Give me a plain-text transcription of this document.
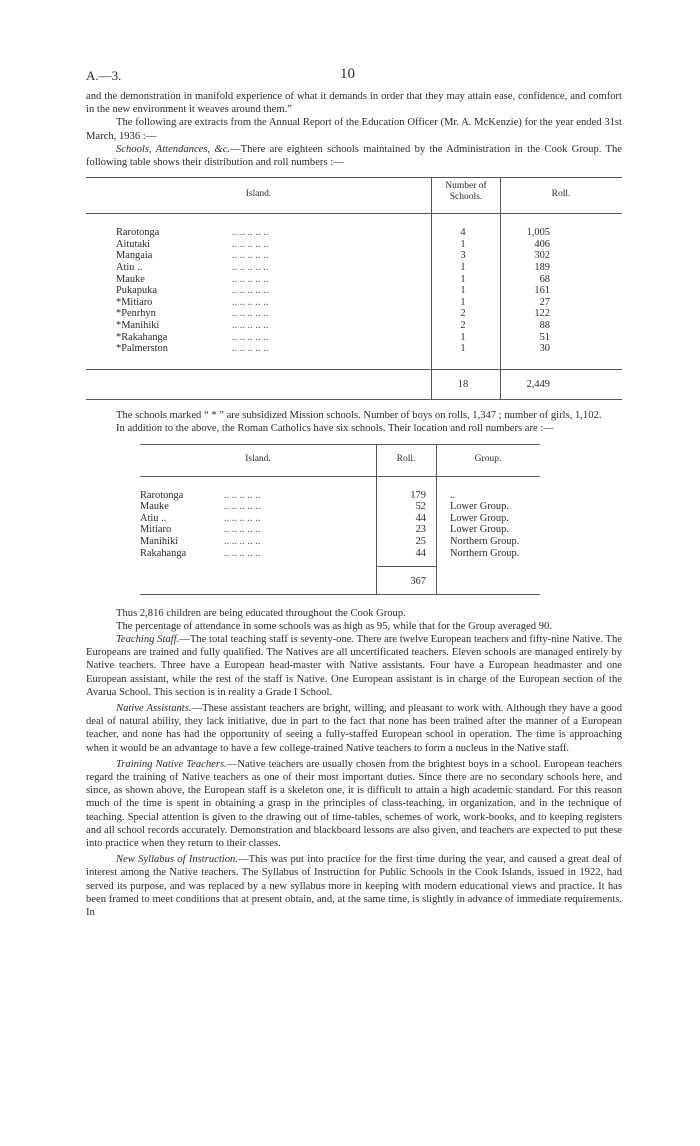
A.—3.	10

and the demonstration in manifold experience of what it demands in order that they may attain ease, confidence, and comfort in the new environment it weaves around them.”

The following are extracts from the Annual Report of the Education Officer (Mr. A. McKenzie) for the year ended 31st March, 1936 :—

Schools, Attendances, &c.—There are eighteen schools maintained by the Administration in the Cook Group. The following table shows their distribution and roll numbers :—

Island.
Number of Schools.	Roll.
Rarotonga	.. .. .. .. ..	4	1,005
Aitutaki	.. .. .. .. ..	1	406
Mangaia	.. .. .. .. ..	3	302
Atiu ..	.. .. .. .. ..	1	189
Mauke	.. .. .. .. ..	1	68
Pukapuka	.. .. .. .. ..	1	161
*Mitiaro	.. .. .. .. ..	1	27
*Penrhyn	.. .. .. .. ..	2	122
*Manihiki	.. .. .. .. ..	2	88
*Rakahanga	.. .. .. .. ..	1	51
*Palmerston	.. .. .. .. ..	1	30
18	2,449

The schools marked “ * ” are subsidized Mission schools. Number of boys on rolls, 1,347 ; number of girls, 1,102.

In addition to the above, the Roman Catholics have six schools. Their location and roll numbers are :—

Island.	Roll.	Group.
Rarotonga	.. .. .. .. ..	179 ..
Mauke	.. .. .. .. ..	52 Lower Group.
Atiu ..	.. .. .. .. ..	44 Lower Group.
Mitiaro	.. .. .. .. ..	23 Lower Group.
Manihiki	.. .. .. .. ..	25 Northern Group.
Rakahanga	.. .. .. .. ..	44 Northern Group.
367

Thus 2,816 children are being educated throughout the Cook Group.

The percentage of attendance in some schools was as high as 95, while that for the Group averaged 90.

Teaching Staff.—The total teaching staff is seventy-one. There are twelve European teachers and fifty-nine Native. The Europeans are trained and fully qualified. The Natives are all uncertificated teachers. Eleven schools are managed entirely by Native teachers. Three have a European head-master with Native assistants. Four have a European headmaster and one European assistant, while the rest of the staff is Native. One European assistant is in charge of the European section of the Avarua School. This section is in reality a Grade I School.

Native Assistants.—These assistant teachers are bright, willing, and pleasant to work with. Although they have a good deal of natural ability, they lack initiative, due in part to the fact that none has been trained after the manner of a European teacher, and none has had the opportunity of seeing a fully-staffed European school in operation. The time is approaching when it would be an advantage to have a few college-trained Native teachers to form a nucleus in the Native staff.

Training Native Teachers.—Native teachers are usually chosen from the brightest boys in a school. European teachers regard the training of Native teachers as one of their most important duties. Since there are no secondary schools here, and since, as shown above, the European staff is a skeleton one, it is difficult to attain a high academic standard. For this reason much of the time is spent in obtaining a grasp in the principles of class-teaching, in organization, and in the technique of teaching. Special attention is given to the drawing out of time-tables, schemes of work, work-books, and to keeping registers and all school records accurately. Demonstration and blackboard lessons are also given, and teachers are expected to put these into practice when they return to their classes.

New Syllabus of Instruction.—This was put into practice for the first time during the year, and caused a great deal of interest among the Native teachers. The Syllabus of Instruction for Public Schools in the Cook Islands, issued in 1922, had served its purpose, and was replaced by a new syllabus more in keeping with modern educational views and practice. It has been framed to meet conditions that at present obtain, and, at the same time, is slightly in advance of immediate requirements. In
